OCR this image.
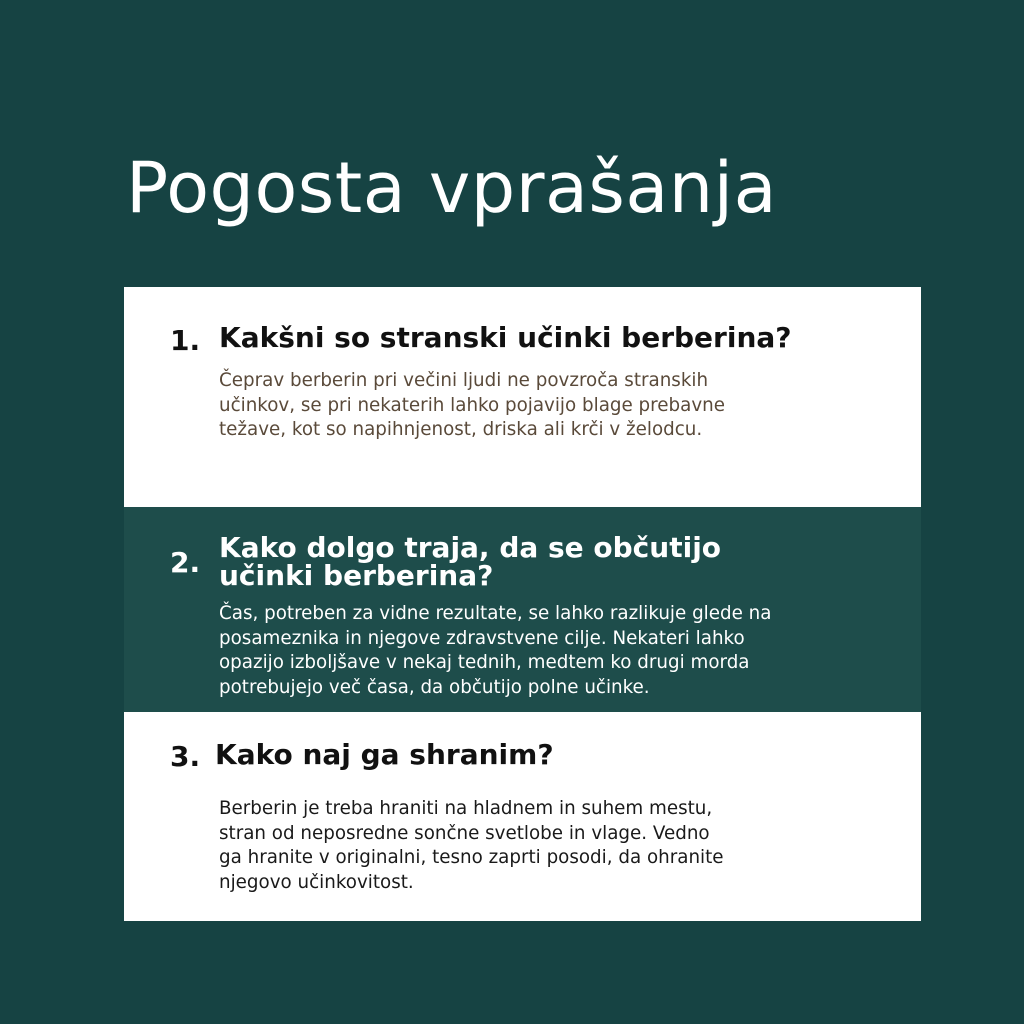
Pogosta vprašanja
1. Kakšni so stranski učinki berberina?
Čeprav berberin pri večini ljudi ne povzroča stranskih
učinkov, se pri nekaterih lahko pojavijo blage prebavne
težave, kot so napihnjenost, driska ali krči v želodcu.
2. Kako dolgo traja, da se občutijo
učinki berberina?
Čas, potreben za vidne rezultate, se lahko razlikuje glede na
posameznika in njegove zdravstvene cilje. Nekateri lahko
opazijo izboljšave v nekaj tednih, medtem ko drugi morda
potrebujejo več časa, da občutijo polne učinke.
3. Kako naj ga shranim?
Berberin je treba hraniti na hladnem in suhem mestu,
stran od neposredne sončne svetlobe in vlage. Vedno
ga hranite v originalni, tesno zaprti posodi, da ohranite
njegovo učinkovitost.
